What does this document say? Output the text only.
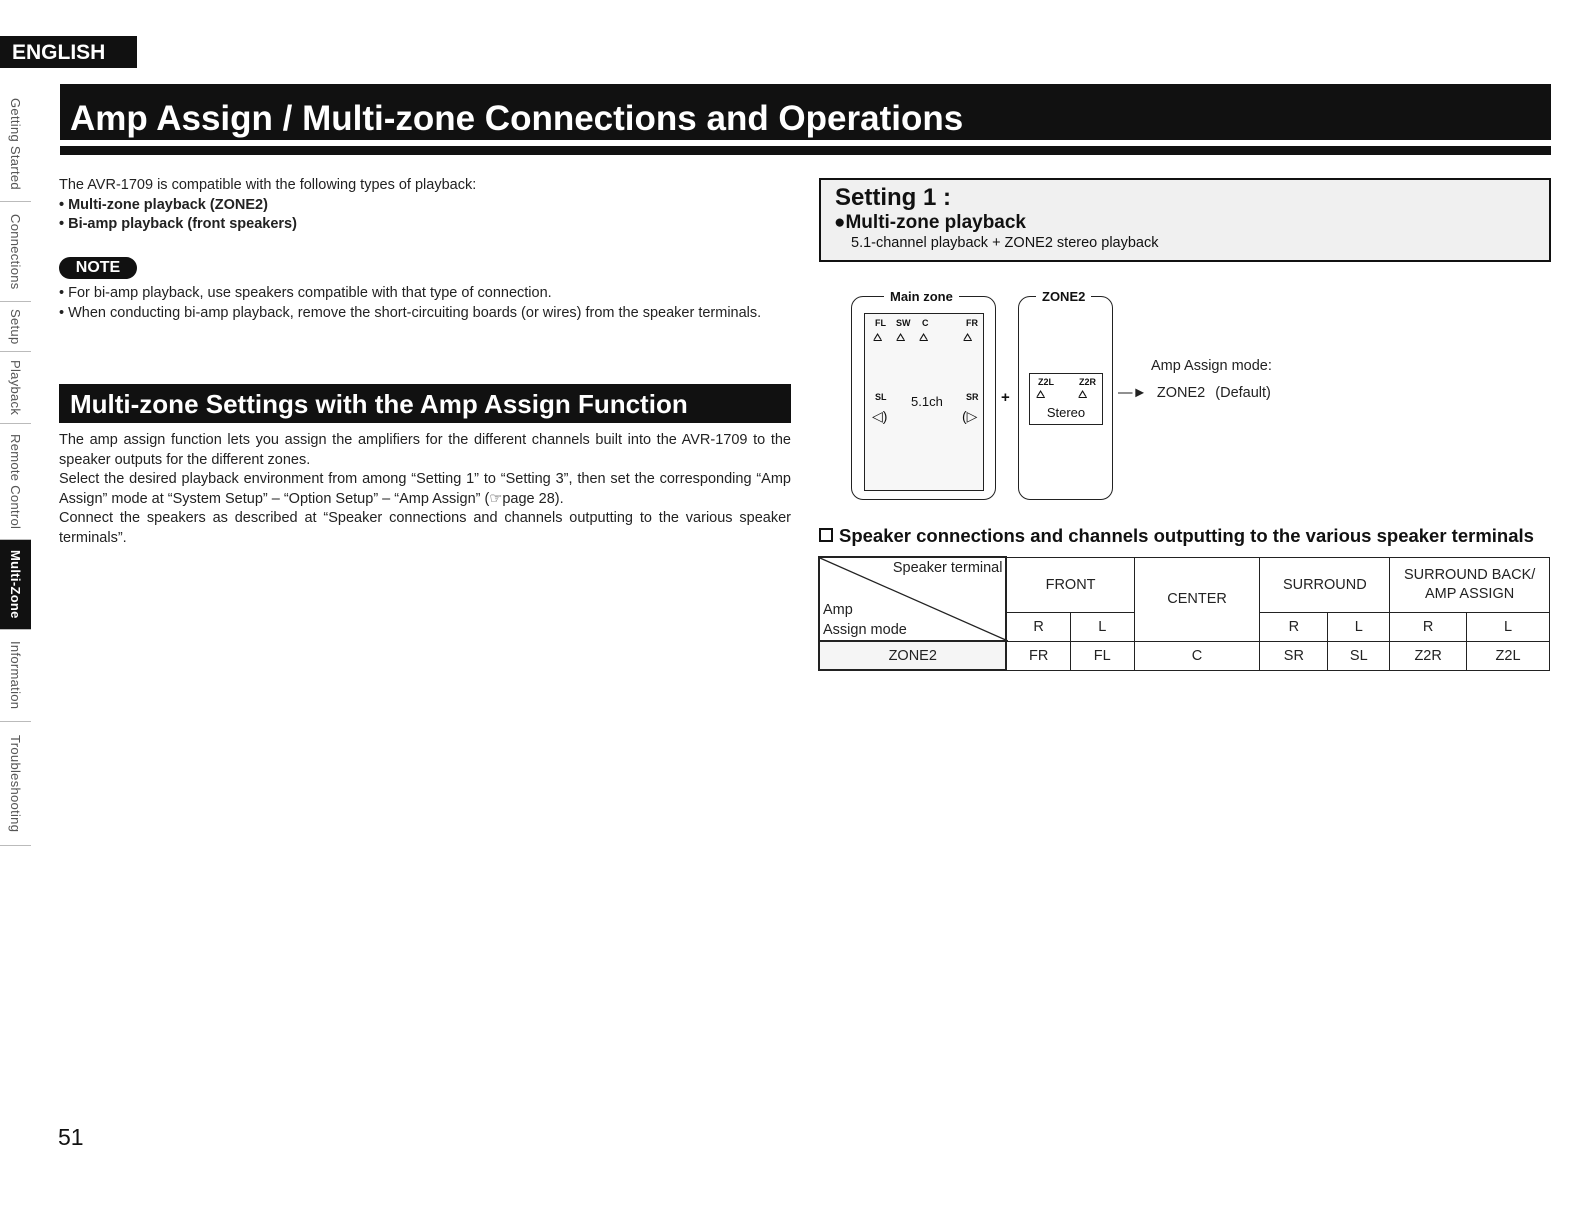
ENGLISH
Getting Started
Connections
Setup
Playback
Remote Control
Multi-Zone
Information
Troubleshooting
Amp Assign / Multi-zone Connections and Operations
The AVR-1709 is compatible with the following types of playback:
• Multi-zone playback (ZONE2)
• Bi-amp playback (front speakers)
NOTE
• For bi-amp playback, use speakers compatible with that type of connection.
• When conducting bi-amp playback, remove the short-circuiting boards (or wires) from the speaker terminals.
Multi-zone Settings with the Amp Assign Function
The amp assign function lets you assign the amplifiers for the different channels built into the AVR-1709 to the speaker outputs for the different zones.
Select the desired playback environment from among “Setting 1” to “Setting 3”, then set the corresponding “Amp Assign” mode at “System Setup” – “Option Setup” – “Amp Assign” (☞page 28).
Connect the speakers as described at “Speaker connections and channels outputting to the various speaker terminals”.
Setting 1 :
●Multi-zone playback
5.1-channel playback + ZONE2 stereo playback
FL SW C	FR
⩟ ⩟ ⩟ ⩟
SL	SR
5.1ch
◁)	(▷
Main zone
+
Z2L	Z2R
⩟ ⩟
Stereo
ZONE2
Amp Assign mode:
—► ZONE2 (Default)
Speaker connections and channels outputting to the various speaker terminals
Speaker terminal
Amp
Assign mode	FRONT		CENTER	SURROUND		SURROUND BACK/ AMP ASSIGN	
	R	L		R	L	R	L
ZONE2	FR	FL	C	SR	SL	Z2R	Z2L
51
